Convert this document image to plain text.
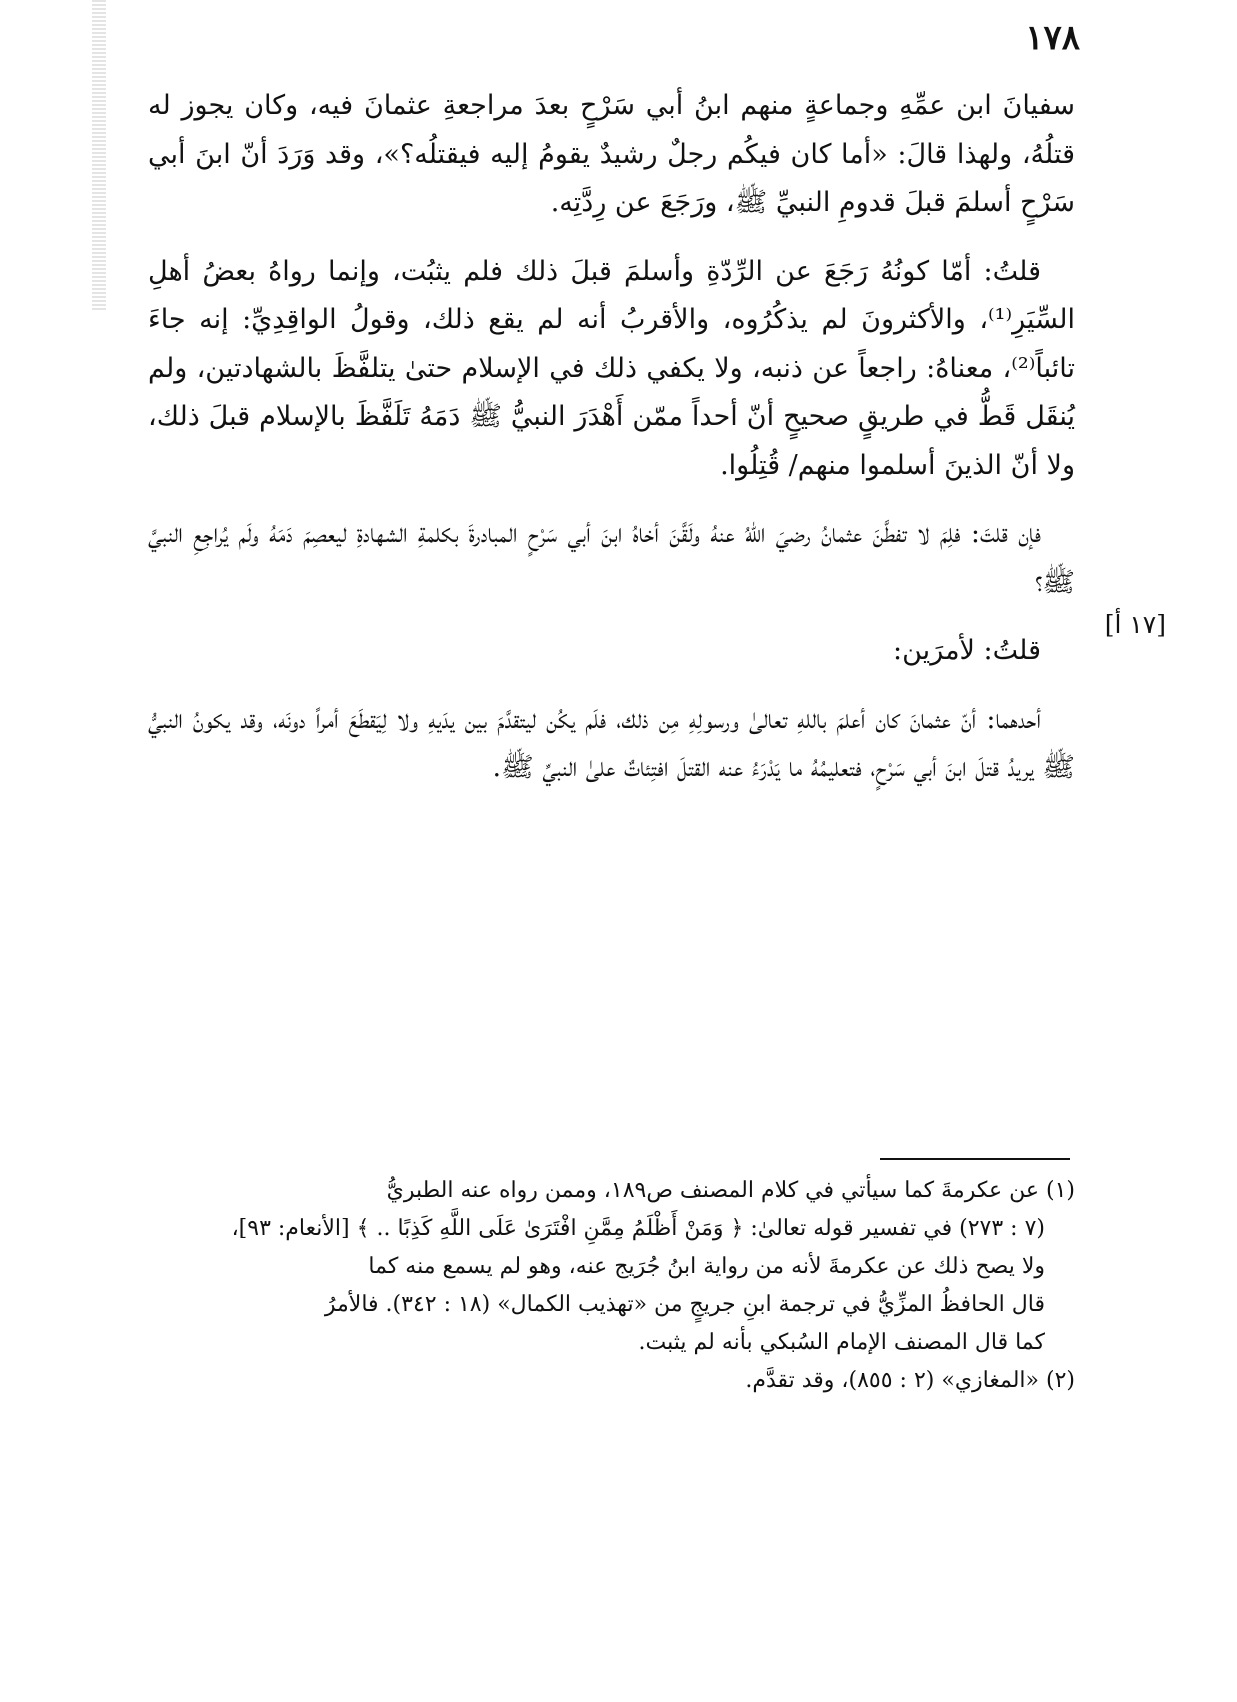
١٧٨

سفيانَ ابن عمِّهِ وجماعةٍ منهم ابنُ أبي سَرْحٍ بعدَ مراجعةِ عثمانَ فيه، وكان يجوز له قتلُهُ، ولهذا قالَ: «أما كان فيكُم رجلٌ رشيدٌ يقومُ إليه فيقتلُه؟»، وقد وَرَدَ أنّ ابنَ أبي سَرْحٍ أسلمَ قبلَ قدومِ النبيِّ ﷺ، ورَجَعَ عن رِدَّتِه.

قلتُ: أمّا كونُهُ رَجَعَ عن الرِّدّةِ وأسلمَ قبلَ ذلك فلم يثبُت، وإنما رواهُ بعضُ أهلِ السِّيَرِ⁽¹⁾، والأكثرونَ لم يذكُرُوه، والأقربُ أنه لم يقع ذلك، وقولُ الواقِدِيِّ: إنه جاءَ تائباً⁽²⁾، معناهُ: راجعاً عن ذنبه، ولا يكفي ذلك في الإسلام حتىٰ يتلفَّظَ بالشهادتين، ولم يُنقَل قَطُّ في طريقٍ صحيحٍ أنّ أحداً ممّن أَهْدَرَ النبيُّ ﷺ دَمَهُ تَلَفَّظَ بالإسلام قبلَ ذلك، ولا أنّ الذينَ أسلموا منهم/ قُتِلُوا.

فإن قلتَ: فلِمَ لا تفطَّنَ عثمانُ رضيَ اللهُ عنهُ ولَقَّنَ أخاهُ ابنَ أبي سَرْحٍ المبادرةَ بكلمةِ الشهادةِ ليعصِمَ دَمَهُ ولَم يُراجِعِ النبيَّ ﷺ؟

قلتُ: لأمرَين:

أحدهما: أنّ عثمانَ كان أعلمَ باللهِ تعالىٰ ورسولِهِ مِن ذلك، فلَم يكُن ليتقدَّمَ بين يدَيهِ ولا لِيَقطَعَ أمراً دونَه، وقد يكونُ النبيُّ ﷺ يريدُ قتلَ ابنَ أبي سَرْحٍ، فتعليمُهُ ما يَدْرَءُ عنه القتلَ افتِئاتٌ علىٰ النبيِّ ﷺ.

[١٧ أ]
(١) عن عكرمةَ كما سيأتي في كلام المصنف ص١٨٩، وممن رواه عنه الطبريُّ
(٧ : ٢٧٣) في تفسير قوله تعالىٰ: ﴿ وَمَنْ أَظْلَمُ مِمَّنِ افْتَرَىٰ عَلَى اللَّهِ كَذِبًا .. ﴾ [الأنعام: ٩٣]،
ولا يصح ذلك عن عكرمةَ لأنه من رواية ابنُ جُرَيج عنه، وهو لم يسمع منه كما
قال الحافظُ المزِّيُّ في ترجمة ابنِ جريجٍ من «تهذيب الكمال» (١٨ : ٣٤٢). فالأمرُ
كما قال المصنف الإمام السُبكي بأنه لم يثبت.
(٢) «المغازي» (٢ : ٨٥٥)، وقد تقدَّم.
